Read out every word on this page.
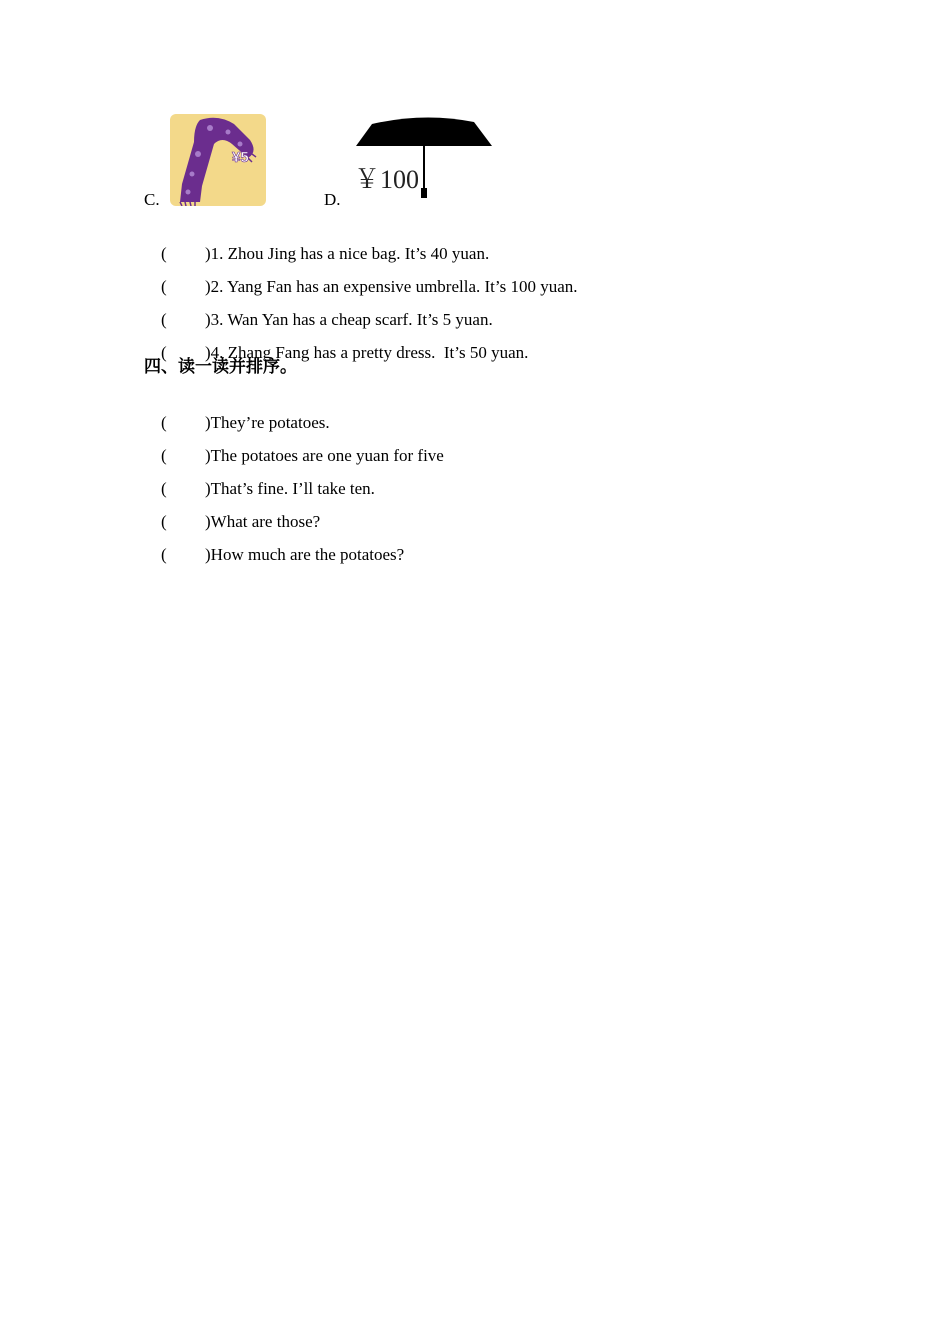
C.
¥5
D.
￥100

( )1. Zhou Jing has a nice bag. It’s 40 yuan.

( )2. Yang Fan has an expensive umbrella. It’s 100 yuan.

( )3. Wan Yan has a cheap scarf. It’s 5 yuan.

( )4. Zhang Fang has a pretty dress.  It’s 50 yuan.

四、读一读并排序。

( )They’re potatoes.

( )The potatoes are one yuan for five

( )That’s fine. I’ll take ten.

( )What are those?

( )How much are the potatoes?
